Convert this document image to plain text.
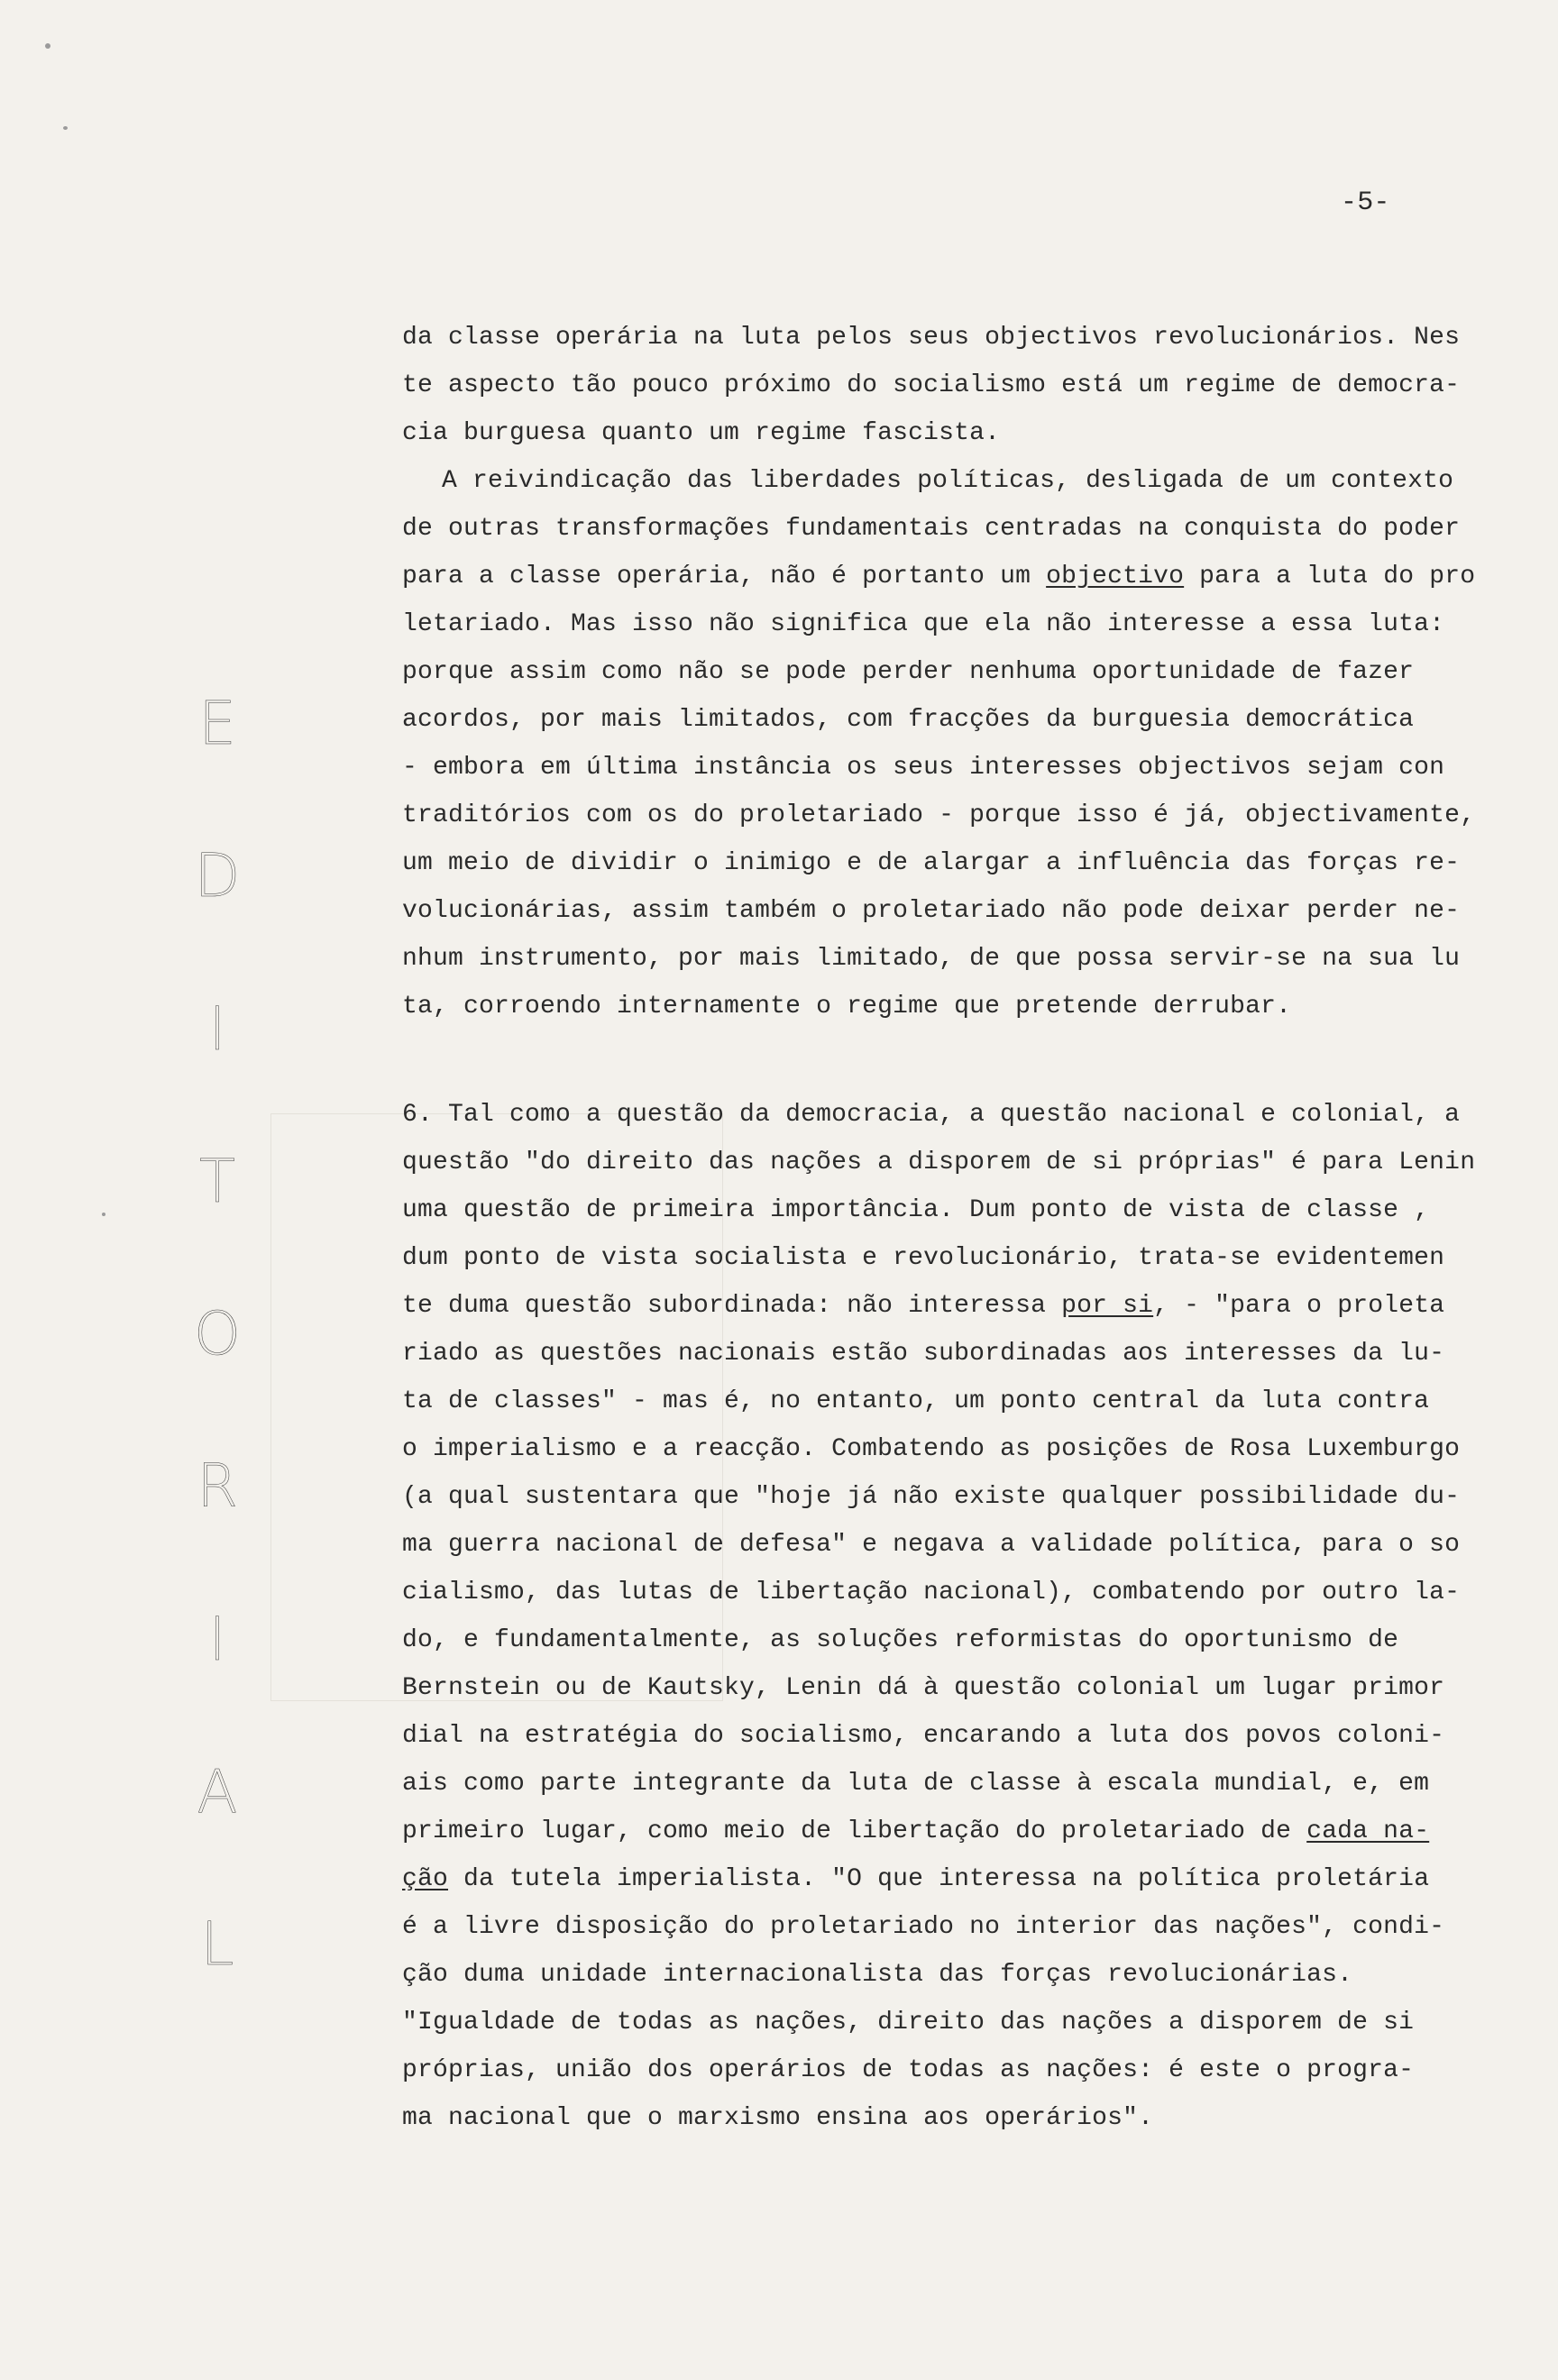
-5-
E
D
I
T
O
R
I
A
L
da classe operária na luta pelos seus objectivos revolucionários. Nes
te aspecto tão pouco próximo do socialismo está um regime de democra-
cia burguesa quanto um regime fascista.
A reivindicação das liberdades políticas, desligada de um contexto
de outras transformações fundamentais centradas na conquista do poder
para a classe operária, não é portanto um objectivo para a luta do pro
letariado. Mas isso não significa que ela não interesse a essa luta:
porque assim como não se pode perder nenhuma oportunidade de fazer
acordos, por mais limitados, com fracções da burguesia democrática
- embora em última instância os seus interesses objectivos sejam con
traditórios com os do proletariado - porque isso é já, objectivamente,
um meio de dividir o inimigo e de alargar a influência das forças re-
volucionárias, assim também o proletariado não pode deixar perder ne-
nhum instrumento, por mais limitado, de que possa servir-se na sua lu
ta, corroendo internamente o regime que pretende derrubar.
6. Tal como a questão da democracia, a questão nacional e colonial, a
questão "do direito das nações a disporem de si próprias" é para Lenin
uma questão de primeira importância. Dum ponto de vista de classe ,
dum ponto de vista socialista e revolucionário, trata-se evidentemen
te duma questão subordinada: não interessa por si, - "para o proleta
riado as questões nacionais estão subordinadas aos interesses da lu-
ta de classes" - mas é, no entanto, um ponto central da luta contra
o imperialismo e a reacção. Combatendo as posições de Rosa Luxemburgo
(a qual sustentara que "hoje já não existe qualquer possibilidade du-
ma guerra nacional de defesa" e negava a validade política, para o so
cialismo, das lutas de libertação nacional), combatendo por outro la-
do, e fundamentalmente, as soluções reformistas do oportunismo de
Bernstein ou de Kautsky, Lenin dá à questão colonial um lugar primor
dial na estratégia do socialismo, encarando a luta dos povos coloni-
ais como parte integrante da luta de classe à escala mundial, e, em
primeiro lugar, como meio de libertação do proletariado de cada na-
ção da tutela imperialista. "O que interessa na política proletária
é a livre disposição do proletariado no interior das nações", condi-
ção duma unidade internacionalista das forças revolucionárias.
"Igualdade de todas as nações, direito das nações a disporem de si
próprias, união dos operários de todas as nações: é este o progra-
ma nacional que o marxismo ensina aos operários".
